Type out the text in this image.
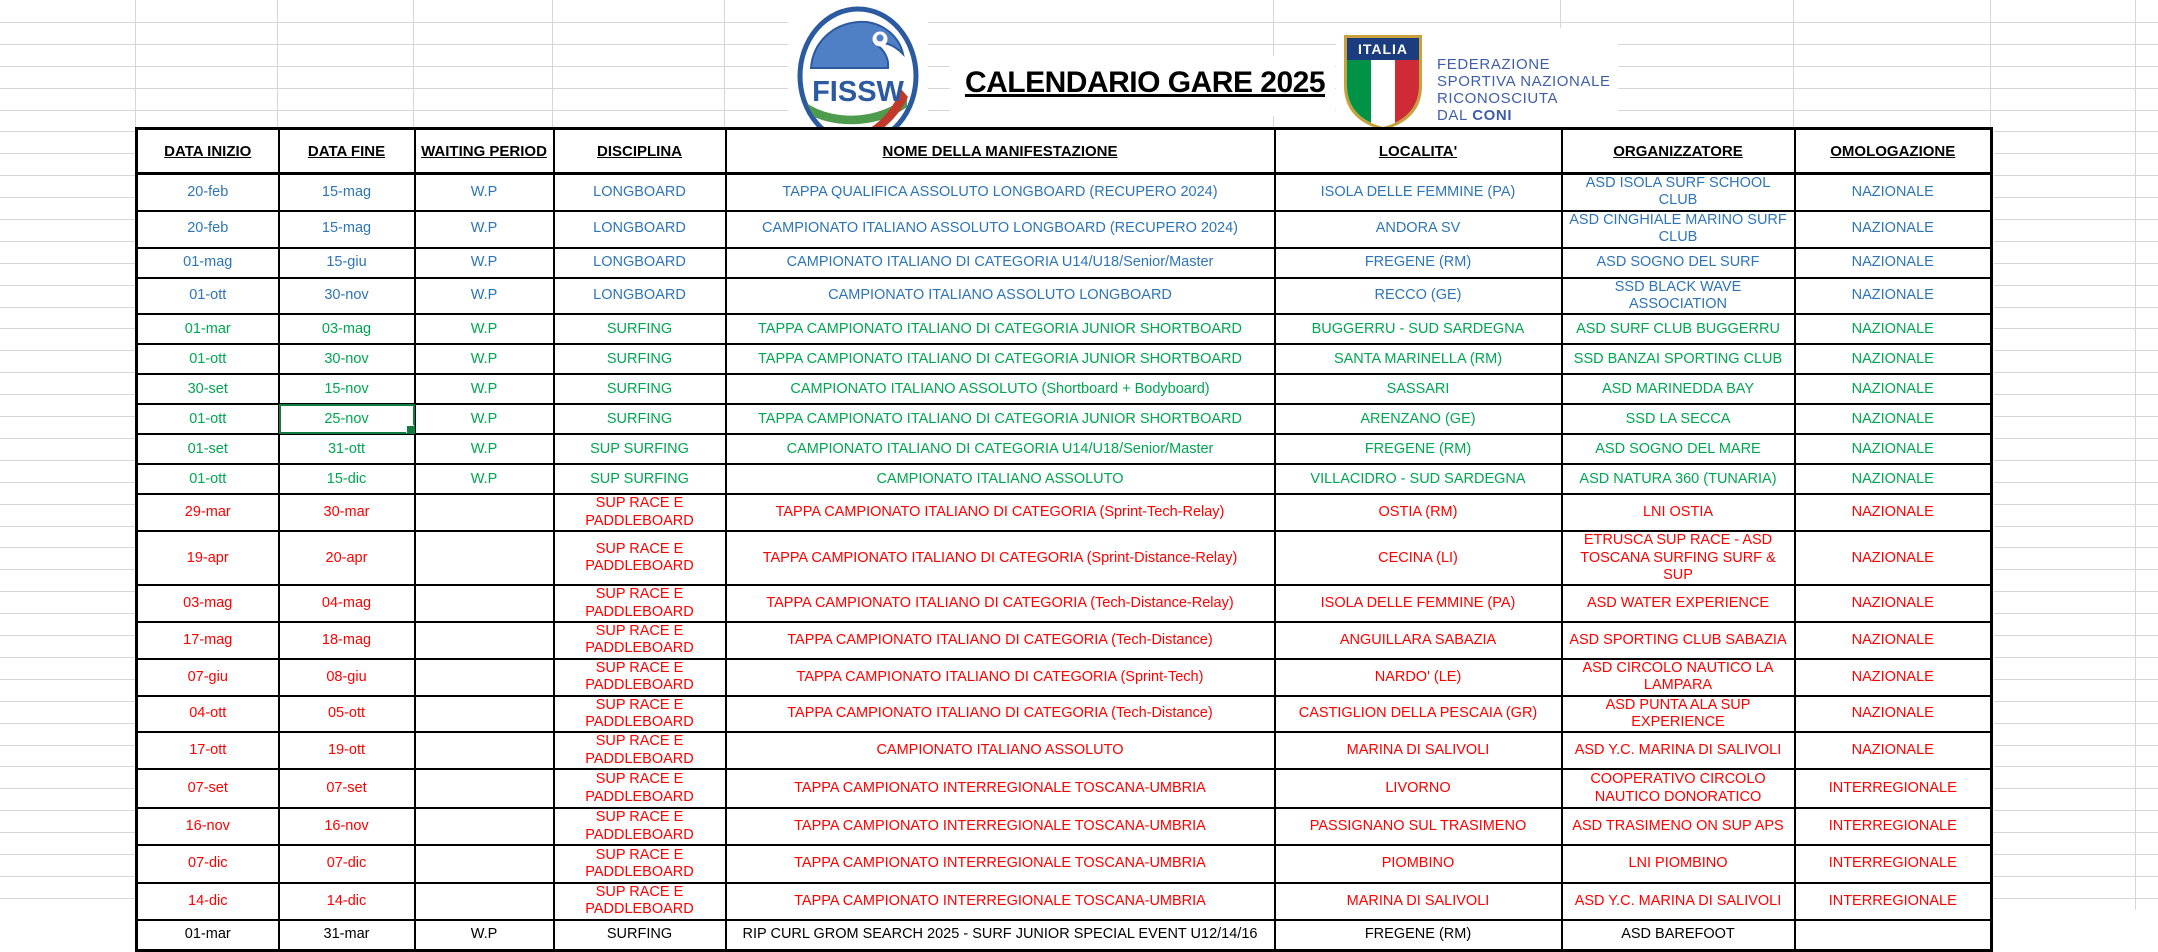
FISSW	CALENDARIO GARE 2025
ITALIA
FEDERAZIONE
SPORTIVA NAZIONALE
RICONOSCIUTA
DAL CONI
DATA INIZIO	DATA FINE	WAITING PERIOD	DISCIPLINA	NOME DELLA MANIFESTAZIONE	LOCALITA'	ORGANIZZATORE	OMOLOGAZIONE
20-feb	15-mag	W.P	LONGBOARD	TAPPA QUALIFICA ASSOLUTO LONGBOARD (RECUPERO 2024)	ISOLA DELLE FEMMINE (PA)	ASD ISOLA SURF SCHOOL CLUB	NAZIONALE
20-feb	15-mag	W.P	LONGBOARD	CAMPIONATO ITALIANO ASSOLUTO LONGBOARD (RECUPERO 2024)	ANDORA SV	ASD CINGHIALE MARINO SURF CLUB	NAZIONALE
01-mag	15-giu	W.P	LONGBOARD	CAMPIONATO ITALIANO DI CATEGORIA U14/U18/Senior/Master	FREGENE (RM)	ASD SOGNO DEL SURF	NAZIONALE
01-ott	30-nov	W.P	LONGBOARD	CAMPIONATO ITALIANO ASSOLUTO LONGBOARD	RECCO (GE)	SSD BLACK WAVE ASSOCIATION	NAZIONALE
01-mar	03-mag	W.P	SURFING	TAPPA CAMPIONATO ITALIANO DI CATEGORIA JUNIOR SHORTBOARD	BUGGERRU - SUD SARDEGNA	ASD SURF CLUB BUGGERRU	NAZIONALE
01-ott	30-nov	W.P	SURFING	TAPPA CAMPIONATO ITALIANO DI CATEGORIA JUNIOR SHORTBOARD	SANTA MARINELLA (RM)	SSD BANZAI SPORTING CLUB	NAZIONALE
30-set	15-nov	W.P	SURFING	CAMPIONATO ITALIANO ASSOLUTO (Shortboard + Bodyboard)	SASSARI	ASD MARINEDDA BAY	NAZIONALE
01-ott	25-nov	W.P	SURFING	TAPPA CAMPIONATO ITALIANO DI CATEGORIA JUNIOR SHORTBOARD	ARENZANO (GE)	SSD LA SECCA	NAZIONALE
01-set	31-ott	W.P	SUP SURFING	CAMPIONATO ITALIANO DI CATEGORIA U14/U18/Senior/Master	FREGENE (RM)	ASD SOGNO DEL MARE	NAZIONALE
01-ott	15-dic	W.P	SUP SURFING	CAMPIONATO ITALIANO ASSOLUTO	VILLACIDRO - SUD SARDEGNA	ASD NATURA 360 (TUNARIA)	NAZIONALE
29-mar	30-mar		SUP RACE E PADDLEBOARD	TAPPA CAMPIONATO ITALIANO DI CATEGORIA (Sprint-Tech-Relay)	OSTIA (RM)	LNI OSTIA	NAZIONALE
19-apr	20-apr		SUP RACE E PADDLEBOARD	TAPPA CAMPIONATO ITALIANO DI CATEGORIA (Sprint-Distance-Relay)	CECINA (LI)	ETRUSCA SUP RACE - ASD TOSCANA SURFING SURF & SUP	NAZIONALE
03-mag	04-mag		SUP RACE E PADDLEBOARD	TAPPA CAMPIONATO ITALIANO DI CATEGORIA (Tech-Distance-Relay)	ISOLA DELLE FEMMINE (PA)	ASD WATER EXPERIENCE	NAZIONALE
17-mag	18-mag		SUP RACE E PADDLEBOARD	TAPPA CAMPIONATO ITALIANO DI CATEGORIA (Tech-Distance)	ANGUILLARA SABAZIA	ASD SPORTING CLUB SABAZIA	NAZIONALE
07-giu	08-giu		SUP RACE E PADDLEBOARD	TAPPA CAMPIONATO ITALIANO DI CATEGORIA (Sprint-Tech)	NARDO' (LE)	ASD CIRCOLO NAUTICO LA LAMPARA	NAZIONALE
04-ott	05-ott		SUP RACE E PADDLEBOARD	TAPPA CAMPIONATO ITALIANO DI CATEGORIA (Tech-Distance)	CASTIGLION DELLA PESCAIA (GR)	ASD PUNTA ALA SUP EXPERIENCE	NAZIONALE
17-ott	19-ott		SUP RACE E PADDLEBOARD	CAMPIONATO ITALIANO ASSOLUTO	MARINA DI SALIVOLI	ASD Y.C. MARINA DI SALIVOLI	NAZIONALE
07-set	07-set		SUP RACE E PADDLEBOARD	TAPPA CAMPIONATO INTERREGIONALE TOSCANA-UMBRIA	LIVORNO	COOPERATIVO CIRCOLO NAUTICO DONORATICO	INTERREGIONALE
16-nov	16-nov		SUP RACE E PADDLEBOARD	TAPPA CAMPIONATO INTERREGIONALE TOSCANA-UMBRIA	PASSIGNANO SUL TRASIMENO	ASD TRASIMENO ON SUP APS	INTERREGIONALE
07-dic	07-dic		SUP RACE E PADDLEBOARD	TAPPA CAMPIONATO INTERREGIONALE TOSCANA-UMBRIA	PIOMBINO	LNI PIOMBINO	INTERREGIONALE
14-dic	14-dic		SUP RACE E PADDLEBOARD	TAPPA CAMPIONATO INTERREGIONALE TOSCANA-UMBRIA	MARINA DI SALIVOLI	ASD Y.C. MARINA DI SALIVOLI	INTERREGIONALE
01-mar	31-mar	W.P	SURFING	RIP CURL GROM SEARCH 2025 - SURF JUNIOR SPECIAL EVENT U12/14/16	FREGENE (RM)	ASD BAREFOOT	
